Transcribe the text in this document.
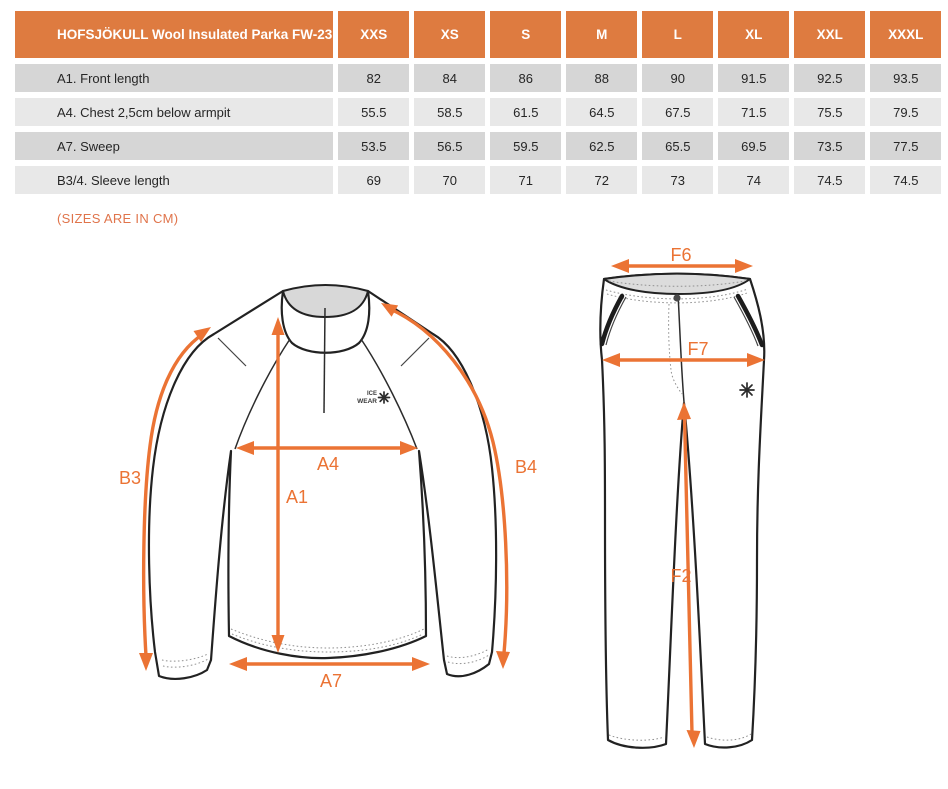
HOFSJÖKULL Wool Insulated Parka FW-23	XXS	XS	S	M	L	XL	XXL	XXXL
A1. Front length	82	84	86	88	90	91.5	92.5	93.5
A4. Chest 2,5cm below armpit	55.5	58.5	61.5	64.5	67.5	71.5	75.5	79.5
A7. Sweep	53.5	56.5	59.5	62.5	65.5	69.5	73.5	77.5
B3/4. Sleeve length	69	70	71	72	73	74	74.5	74.5
(SIZES ARE IN CM)
ICE
WEAR
A1
A4
A7
B3
B4
F6
F7
F2
